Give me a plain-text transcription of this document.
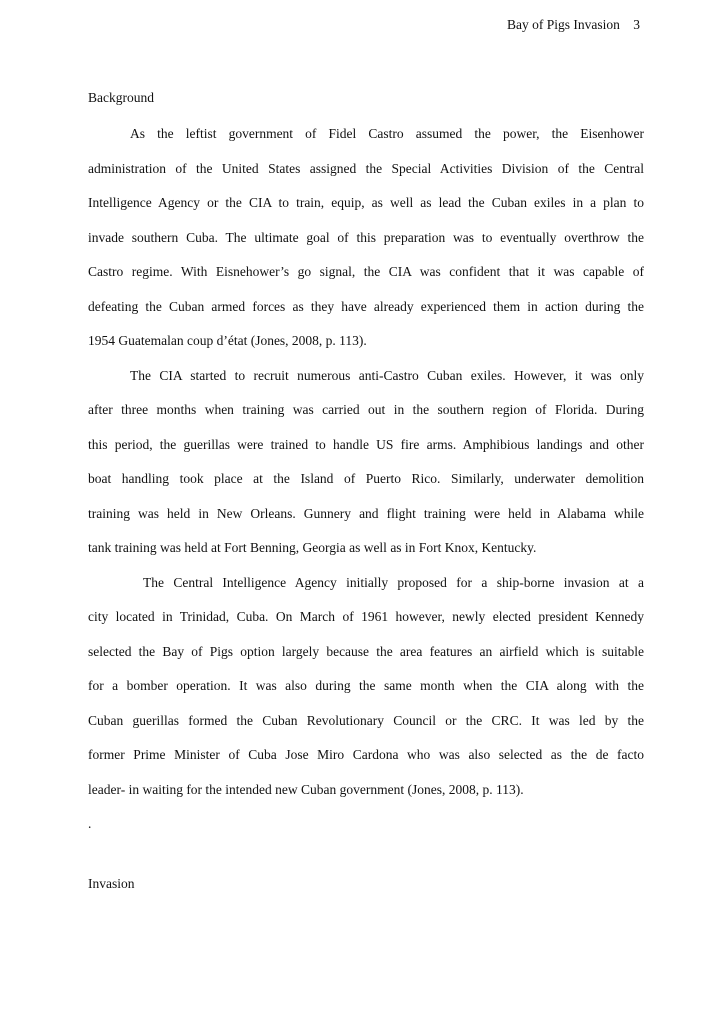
Bay of Pigs Invasion 3
Background
As the leftist government of Fidel Castro assumed the power, the Eisenhower
administration of the United States assigned the Special Activities Division of the Central
Intelligence Agency or the CIA to train, equip, as well as lead the Cuban exiles in a plan to
invade southern Cuba. The ultimate goal of this preparation was to eventually overthrow the
Castro regime. With Eisnehower’s go signal, the CIA was confident that it was capable of
defeating the Cuban armed forces as they have already experienced them in action during the
1954 Guatemalan coup d’état (Jones, 2008, p. 113).
The CIA started to recruit numerous anti-Castro Cuban exiles. However, it was only
after three months when training was carried out in the southern region of Florida. During
this period, the guerillas were trained to handle US fire arms. Amphibious landings and other
boat handling took place at the Island of Puerto Rico. Similarly, underwater demolition
training was held in New Orleans. Gunnery and flight training were held in Alabama while
tank training was held at Fort Benning, Georgia as well as in Fort Knox, Kentucky.
The Central Intelligence Agency initially proposed for a ship-borne invasion at a
city located in Trinidad, Cuba. On March of 1961 however, newly elected president Kennedy
selected the Bay of Pigs option largely because the area features an airfield which is suitable
for a bomber operation. It was also during the same month when the CIA along with the
Cuban guerillas formed the Cuban Revolutionary Council or the CRC. It was led by the
former Prime Minister of Cuba Jose Miro Cardona who was also selected as the de facto
leader- in waiting for the intended new Cuban government (Jones, 2008, p. 113).
.
Invasion
